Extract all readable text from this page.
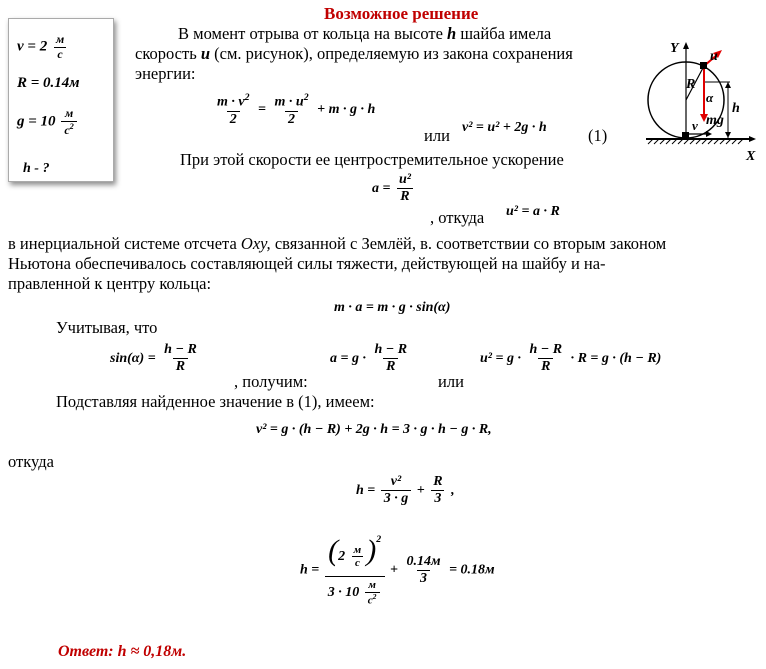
Возможное решение
$v = 2 \frac{м}{с}$
R = 0.14м
$g = 10 \frac{м}{c^2}$
h - ?
В момент отрыва от кольца на высоте h шайба имела
скорость u (см. рисунок), определяемую из закона сохранения
энергии:
$\frac{m \cdot v^2}{2} = \frac{m \cdot u^2}{2} + m \cdot g \cdot h$
или v² = u² + 2g · h	(1)
При этой скорости ее центростремительное ускорение
$a = \frac{\text{u²}}{R}$
, откуда u² = a · R
в инерциальной системе отсчета Oxy, связанной с Землёй, в. соответствии со вторым законом
Ньютона обеспечивалось составляющей силы тяжести, действующей на шайбу и на-
правленной к центру кольца:
m · a = m · g · sin(α)
Учитывая, что
$\sin(\alpha) = \frac{h - R}{R}$
, получим:
$a = g \cdot \frac{h - R}{R}$
или
$u^2 = g \cdot \frac{h - R}{R} \cdot R = g \cdot (h - R)$
Подставляя найденное значение в (1), имеем:
v² = g · (h − R) + 2g · h = 3 · g · h − g · R,
откуда
$h = \frac{\text{v²}}{3 \cdot g} + \frac{R}{3}$ ,
$h = \frac{(2 \frac{м}{с} )^2}{3 \cdot 10 \frac{м}{с^2}} + \frac{0.14м}{3} = 0.18м$
Ответ: h ≈ 0,18м.
Y
X
u
R
α
h
v mg
